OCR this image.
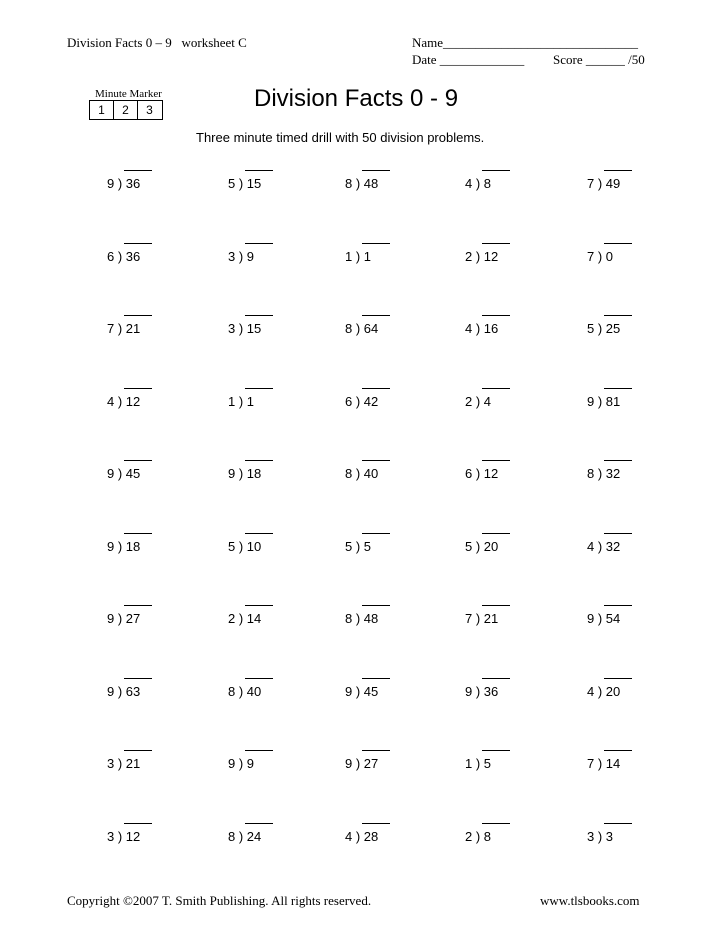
Division Facts 0 – 9   worksheet C	Name______________________________
Date _____________ Score ______ /50
Minute Marker
1	2	3	Division Facts 0 - 9
Three minute timed drill with 50 division problems.
9 ) 36	5 ) 15	8 ) 48	4 ) 8	7 ) 49
6 ) 36	3 ) 9	1 ) 1	2 ) 12	7 ) 0
7 ) 21	3 ) 15	8 ) 64	4 ) 16	5 ) 25
4 ) 12	1 ) 1	6 ) 42	2 ) 4	9 ) 81
9 ) 45	9 ) 18	8 ) 40	6 ) 12	8 ) 32
9 ) 18	5 ) 10	5 ) 5	5 ) 20	4 ) 32
9 ) 27	2 ) 14	8 ) 48	7 ) 21	9 ) 54
9 ) 63	8 ) 40	9 ) 45	9 ) 36	4 ) 20
3 ) 21	9 ) 9	9 ) 27	1 ) 5	7 ) 14
3 ) 12	8 ) 24	4 ) 28	2 ) 8	3 ) 3
Copyright ©2007 T. Smith Publishing. All rights reserved.	www.tlsbooks.com
